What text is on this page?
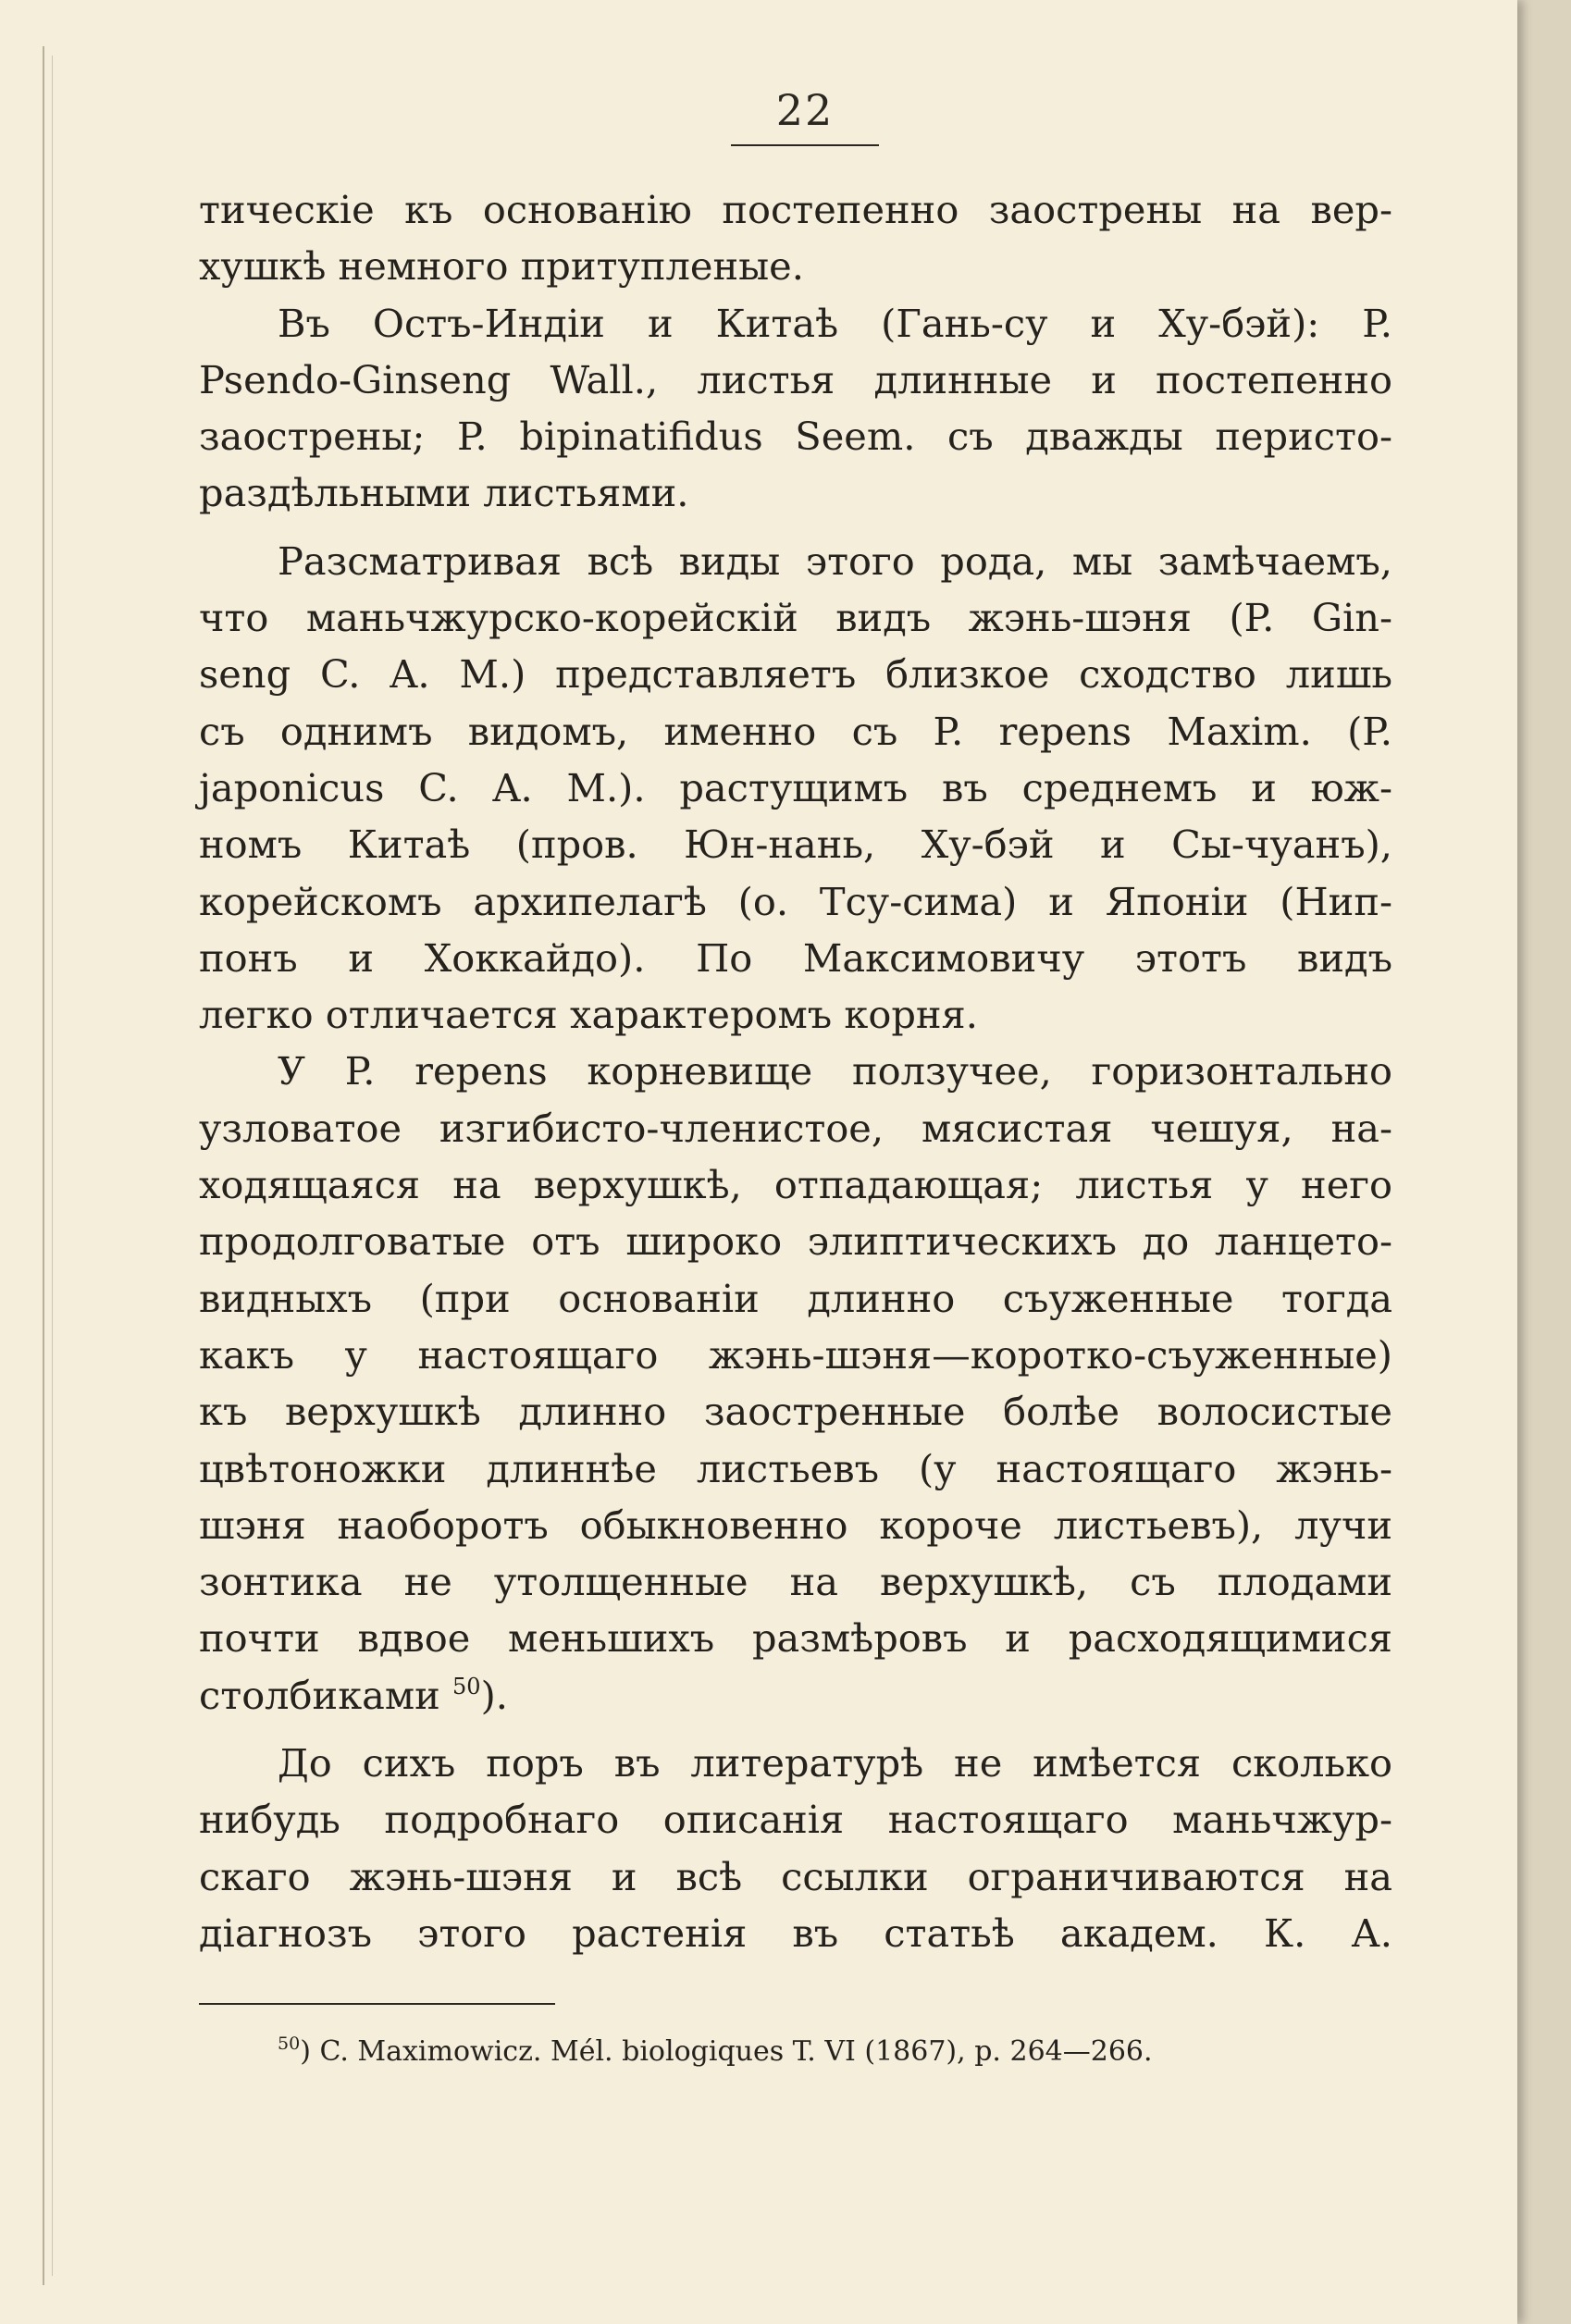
22
тическіе къ основанію постепенно заострены на вер-
хушкѣ немного притупленые.
Въ Остъ-Индіи и Китаѣ (Гань-су и Ху-бэй): P.
Psendo-Ginseng Wall., листья длинные и постепенно
заострены; P. bipinatifidus Seem. съ дважды перисто-
раздѣльными листьями.
Разсматривая всѣ виды этого рода, мы замѣчаемъ,
что маньчжурско-корейскій видъ жэнь-шэня (P. Gin-
seng C. A. M.) представляетъ близкое сходство лишь
съ однимъ видомъ, именно съ P. repens Maxim. (P.
japonicus C. A. M.). растущимъ въ среднемъ и юж-
номъ Китаѣ (пров. Юн-нань, Ху-бэй и Сы-чуанъ),
корейскомъ архипелагѣ (о. Тсу-сима) и Японіи (Нип-
понъ и Хоккайдо). По Максимовичу этотъ видъ
легко отличается характеромъ корня.
У P. repens корневище ползучее, горизонтально
узловатое изгибисто-членистое, мясистая чешуя, на-
ходящаяся на верхушкѣ, отпадающая; листья у него
продолговатые отъ широко элиптическихъ до ланцето-
видныхъ (при основаніи длинно съуженные тогда
какъ у настоящаго жэнь-шэня—коротко-съуженные)
къ верхушкѣ длинно заостренные болѣе волосистые
цвѣтоножки длиннѣе листьевъ (у настоящаго жэнь-
шэня наоборотъ обыкновенно короче листьевъ), лучи
зонтика не утолщенные на верхушкѣ, съ плодами
почти вдвое меньшихъ размѣровъ и расходящимися
столбиками $^{50}$).
До сихъ поръ въ литературѣ не имѣется сколько
нибудь подробнаго описанія настоящаго маньчжур-
скаго жэнь-шэня и всѣ ссылки ограничиваются на
діагнозъ этого растенія въ статьѣ академ. К. А.
$^{50}$) C. Maximowicz. Mél. biologiques T. VI (1867), p. 264—266.
